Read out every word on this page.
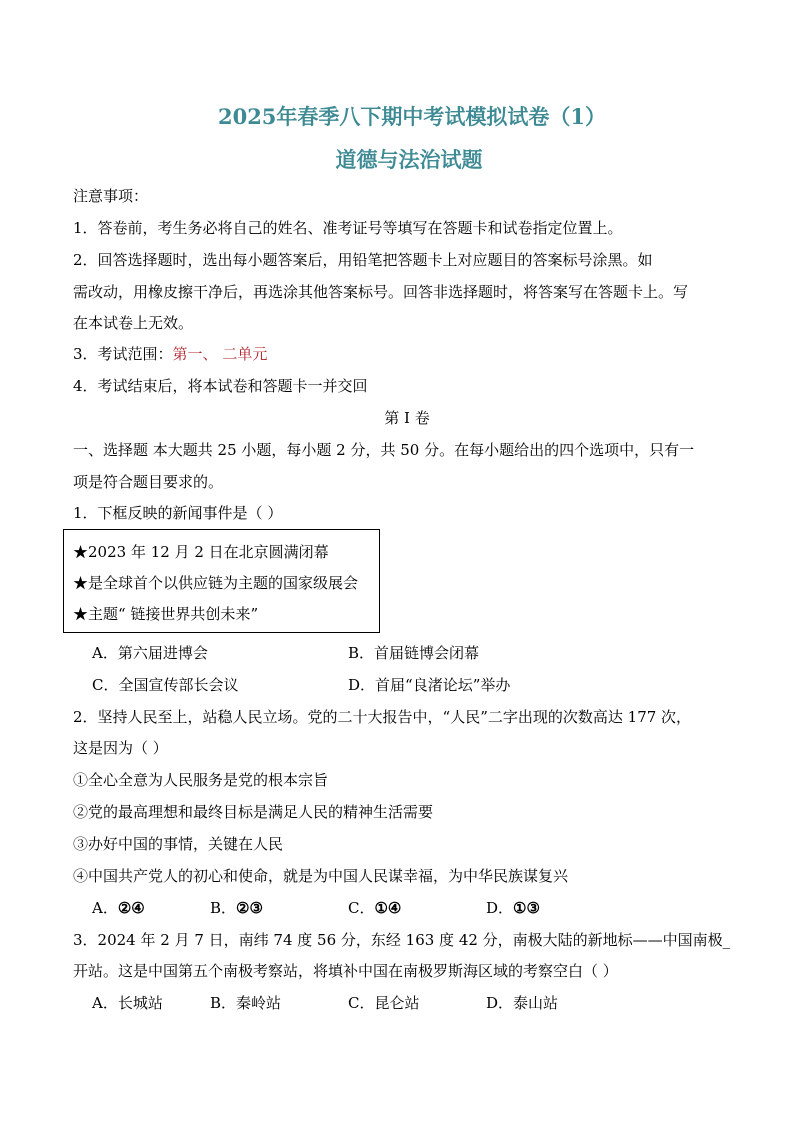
2025年春季八下期中考试模拟试卷（1）
道德与法治试题
注意事项：
1．答卷前，考生务必将自己的姓名、准考证号等填写在答题卡和试卷指定位置上。
2．回答选择题时，选出每小题答案后，用铅笔把答题卡上对应题目的答案标号涂黑。如
需改动，用橡皮擦干净后，再选涂其他答案标号。回答非选择题时，将答案写在答题卡上。写
在本试卷上无效。
3．考试范围：第一、 二单元
4．考试结束后，将本试卷和答题卡一并交回
第 I 卷
一、选择题 本大题共 25 小题，每小题 2 分，共 50 分。在每小题给出的四个选项中，只有一
项是符合题目要求的。
1．下框反映的新闻事件是（ ）
★2023 年 12 月 2 日在北京圆满闭幕
★是全球首个以供应链为主题的国家级展会
★主题“ 链接世界共创未来”
A．第六届进博会	B．首届链博会闭幕
C．全国宣传部长会议	D．首届“良渚论坛”举办
2．坚持人民至上，站稳人民立场。党的二十大报告中，“人民”二字出现的次数高达 177 次，
这是因为（ ）
①全心全意为人民服务是党的根本宗旨
②党的最高理想和最终目标是满足人民的精神生活需要
③办好中国的事情，关键在人民
④中国共产党人的初心和使命，就是为中国人民谋幸福，为中华民族谋复兴
A．②④	B．②③	C．①④	D．①③
3．2024 年 2 月 7 日，南纬 74 度 56 分，东经 163 度 42 分，南极大陆的新地标——中国南极_
开站。这是中国第五个南极考察站，将填补中国在南极罗斯海区域的考察空白（ ）
A．长城站	B．秦岭站	C．昆仑站	D．泰山站
